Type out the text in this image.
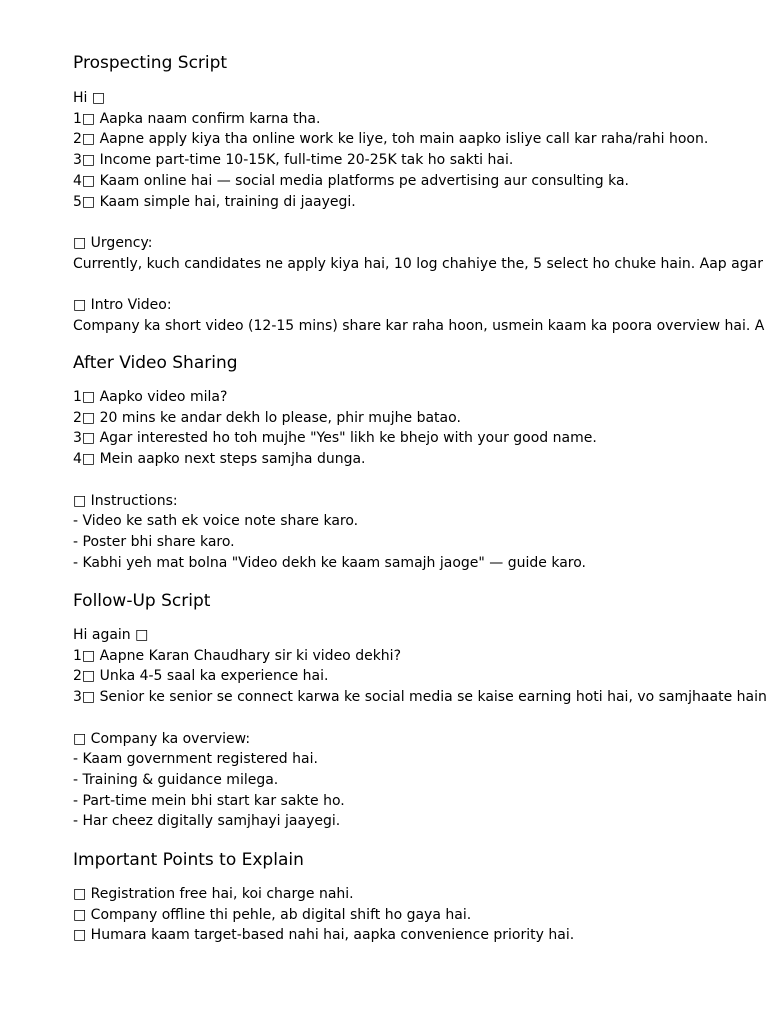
Prospecting Script

Hi □

1□ Aapka naam confirm karna tha.

2□ Aapne apply kiya tha online work ke liye, toh main aapko isliye call kar raha/rahi hoon.

3□ Income part-time 10-15K, full-time 20-25K tak ho sakti hai.

4□ Kaam online hai — social media platforms pe advertising aur consulting ka.

5□ Kaam simple hai, training di jaayegi.

□ Urgency:

Currently, kuch candidates ne apply kiya hai, 10 log chahiye the, 5 select ho chuke hain. Aap agar

□ Intro Video:

Company ka short video (12-15 mins) share kar raha hoon, usmein kaam ka poora overview hai. A

After Video Sharing

1□ Aapko video mila?

2□ 20 mins ke andar dekh lo please, phir mujhe batao.

3□ Agar interested ho toh mujhe "Yes" likh ke bhejo with your good name.

4□ Mein aapko next steps samjha dunga.

□ Instructions:

- Video ke sath ek voice note share karo.

- Poster bhi share karo.

- Kabhi yeh mat bolna "Video dekh ke kaam samajh jaoge" — guide karo.

Follow-Up Script

Hi again □

1□ Aapne Karan Chaudhary sir ki video dekhi?

2□ Unka 4-5 saal ka experience hai.

3□ Senior ke senior se connect karwa ke social media se kaise earning hoti hai, vo samjhaate hain

□ Company ka overview:

- Kaam government registered hai.

- Training & guidance milega.

- Part-time mein bhi start kar sakte ho.

- Har cheez digitally samjhayi jaayegi.

Important Points to Explain

□ Registration free hai, koi charge nahi.

□ Company offline thi pehle, ab digital shift ho gaya hai.

□ Humara kaam target-based nahi hai, aapka convenience priority hai.
